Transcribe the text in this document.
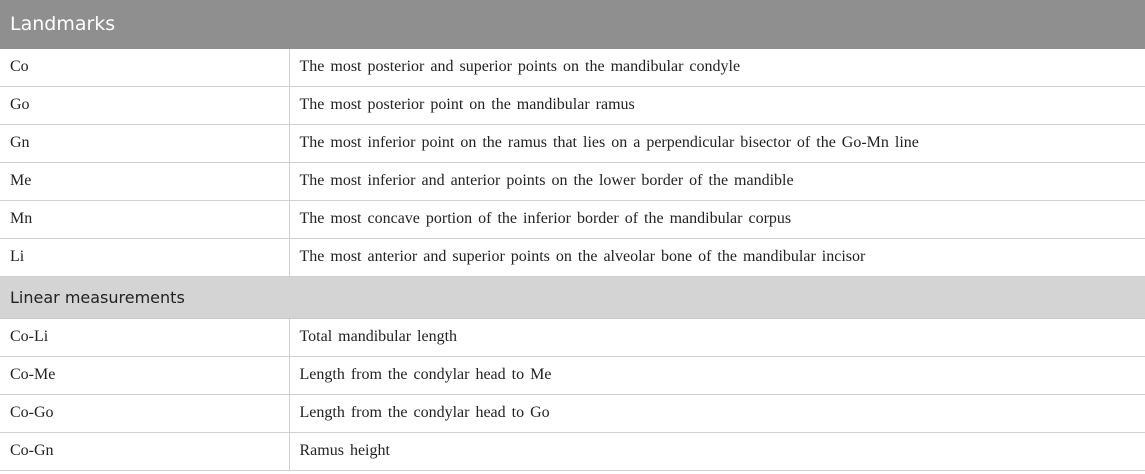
Landmarks	
Co	The most posterior and superior points on the mandibular condyle
Go	The most posterior point on the mandibular ramus
Gn	The most inferior point on the ramus that lies on a perpendicular bisector of the Go-Mn line
Me	The most inferior and anterior points on the lower border of the mandible
Mn	The most concave portion of the inferior border of the mandibular corpus
Li	The most anterior and superior points on the alveolar bone of the mandibular incisor
Linear measurements	
Co-Li	Total mandibular length
Co-Me	Length from the condylar head to Me
Co-Go	Length from the condylar head to Go
Co-Gn	Ramus height
